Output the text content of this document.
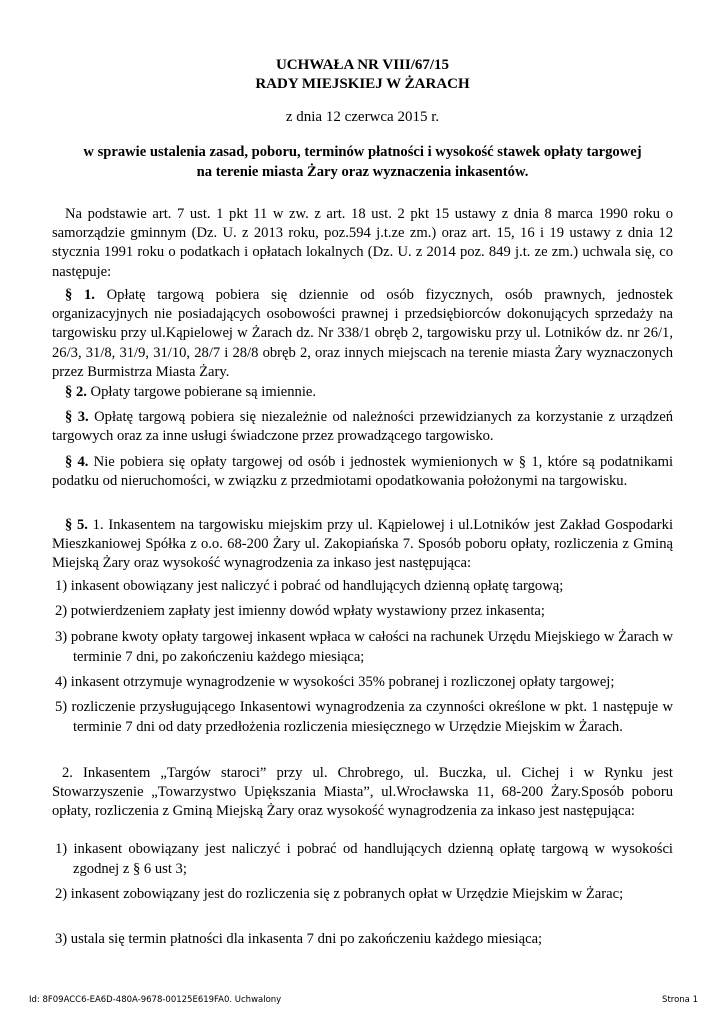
UCHWAŁA NR VIII/67/15
RADY MIEJSKIEJ W ŻARACH
z dnia 12 czerwca 2015 r.
w sprawie ustalenia zasad, poboru, terminów płatności i wysokość stawek opłaty targowej
na terenie miasta Żary oraz wyznaczenia inkasentów.

Na podstawie art. 7 ust. 1 pkt 11 w zw. z art. 18 ust. 2 pkt 15 ustawy z dnia 8 marca 1990 roku o samorządzie gminnym (Dz. U. z 2013 roku, poz.594 j.t.ze zm.) oraz art. 15, 16 i 19 ustawy z dnia 12 stycznia 1991 roku o podatkach i opłatach lokalnych (Dz. U. z 2014 poz. 849 j.t. ze zm.) uchwala się, co następuje:

§ 1. Opłatę targową pobiera się dziennie od osób fizycznych, osób prawnych, jednostek organizacyjnych nie posiadających osobowości prawnej i przedsiębiorców dokonujących sprzedaży na targowisku przy ul.Kąpielowej w Żarach dz. Nr 338/1 obręb 2, targowisku przy ul. Lotników dz. nr 26/1, 26/3, 31/8, 31/9, 31/10, 28/7 i 28/8 obręb 2, oraz innych miejscach na terenie miasta Żary wyznaczonych przez Burmistrza Miasta Żary.

§ 2. Opłaty targowe pobierane są imiennie.

§ 3. Opłatę targową pobiera się niezależnie od należności przewidzianych za korzystanie z urządzeń targowych oraz za inne usługi świadczone przez prowadzącego targowisko.

§ 4. Nie pobiera się opłaty targowej od osób i jednostek wymienionych w § 1, które są podatnikami podatku od nieruchomości, w związku z przedmiotami opodatkowania położonymi na targowisku.

§ 5. 1. Inkasentem na targowisku miejskim przy ul. Kąpielowej i ul.Lotników jest Zakład Gospodarki Mieszkaniowej Spółka z o.o. 68-200 Żary ul. Zakopiańska 7. Sposób poboru opłaty, rozliczenia z Gminą Miejską Żary oraz wysokość wynagrodzenia za inkaso jest następująca:

1) inkasent obowiązany jest naliczyć i pobrać od handlujących dzienną opłatę targową;

2) potwierdzeniem zapłaty jest imienny dowód wpłaty wystawiony przez inkasenta;

3) pobrane kwoty opłaty targowej inkasent wpłaca w całości na rachunek Urzędu Miejskiego w Żarach w terminie 7 dni, po zakończeniu każdego miesiąca;

4) inkasent otrzymuje wynagrodzenie w wysokości 35% pobranej i rozliczonej opłaty targowej;

5) rozliczenie przysługującego Inkasentowi wynagrodzenia za czynności określone w pkt. 1 następuje w terminie 7 dni od daty przedłożenia rozliczenia miesięcznego w Urzędzie Miejskim w Żarach.

2. Inkasentem „Targów staroci” przy ul. Chrobrego, ul. Buczka, ul. Cichej i w Rynku jest Stowarzyszenie „Towarzystwo Upiększania Miasta”, ul.Wrocławska 11, 68-200 Żary.Sposób poboru opłaty, rozliczenia z Gminą Miejską Żary oraz wysokość wynagrodzenia za inkaso jest następująca:

1) inkasent obowiązany jest naliczyć i pobrać od handlujących dzienną opłatę targową w wysokości zgodnej z § 6 ust 3;

2) inkasent zobowiązany jest do rozliczenia się z pobranych opłat w Urzędzie Miejskim w Żarac;

3) ustala się termin płatności dla inkasenta 7 dni po zakończeniu każdego miesiąca;

Id: 8F09ACC6-EA6D-480A-9678-00125E619FA0. Uchwalony	Strona 1
